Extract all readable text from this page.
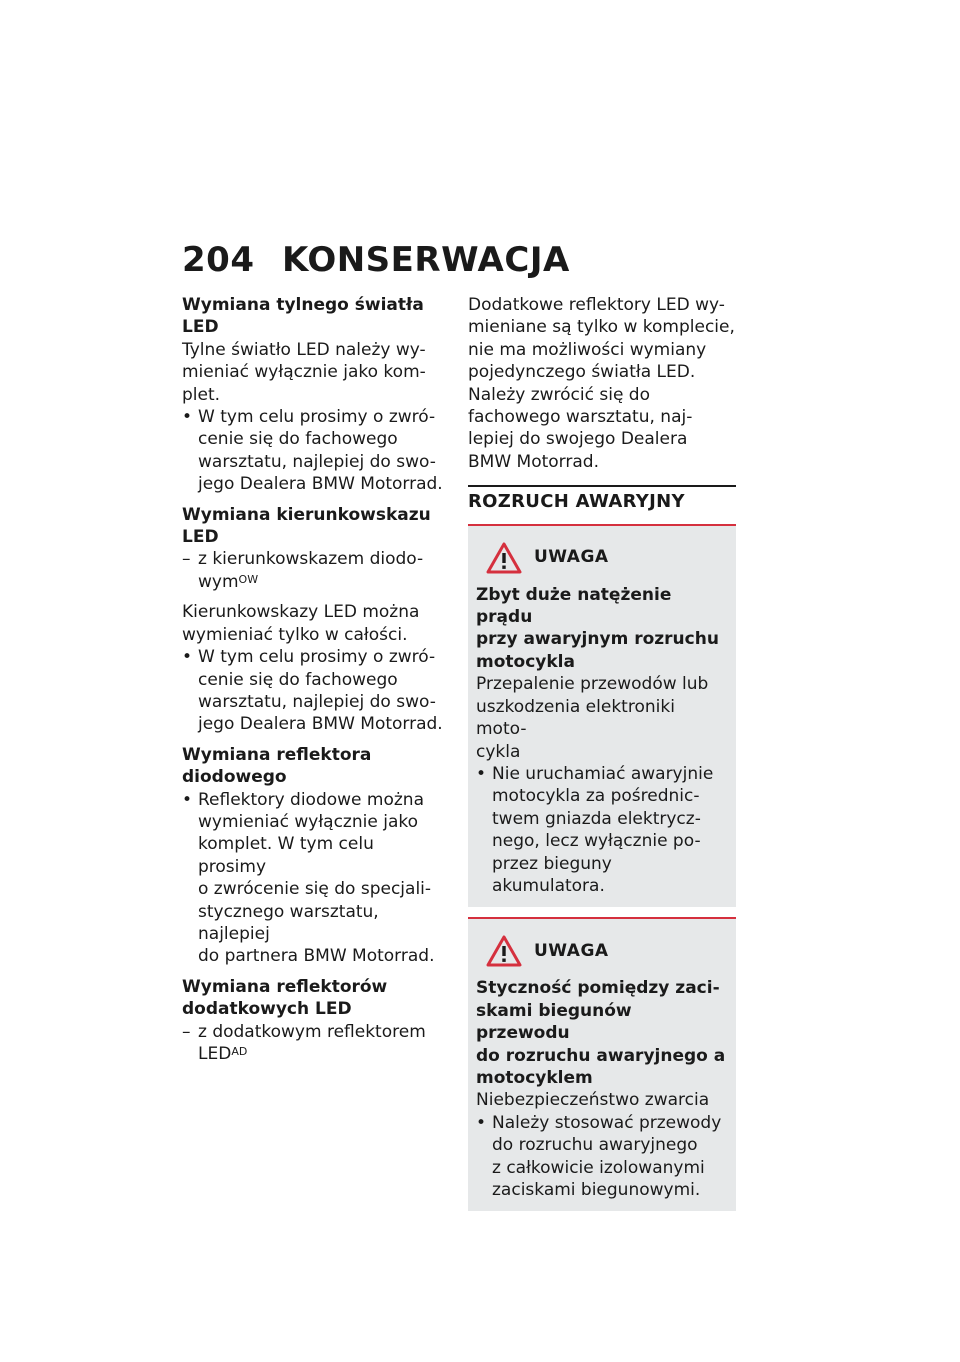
204 KONSERWACJA

Wymiana tylnego światła LED

Tylne światło LED należy wy-
mieniać wyłącznie jako kom-
plet.

• W tym celu prosimy o zwró-
cenie się do fachowego
warsztatu, najlepiej do swo-
jego Dealera BMW Motorrad.

Wymiana kierunkowskazu
LED

– z kierunkowskazem diodo-
wym$^{OW}$

Kierunkowskazy LED można
wymieniać tylko w całości.

• W tym celu prosimy o zwró-
cenie się do fachowego
warsztatu, najlepiej do swo-
jego Dealera BMW Motorrad.

Wymiana reflektora
diodowego

• Reflektory diodowe można
wymieniać wyłącznie jako
komplet. W tym celu prosimy
o zwrócenie się do specjali-
stycznego warsztatu, najlepiej
do partnera BMW Motorrad.

Wymiana reflektorów
dodatkowych LED

– z dodatkowym reflektorem
$LED^{AD}$

Dodatkowe reflektory LED wy-
mieniane są tylko w komplecie,
nie ma możliwości wymiany
pojedynczego światła LED.
Należy zwrócić się do
fachowego warsztatu, naj-
lepiej do swojego Dealera
BMW Motorrad.

ROZRUCH AWARYJNY

UWAGA

Zbyt duże natężenie prądu
przy awaryjnym rozruchu
motocykla

Przepalenie przewodów lub
uszkodzenia elektroniki moto-
cykla

• Nie uruchamiać awaryjnie
motocykla za pośrednic-
twem gniazda elektrycz-
nego, lecz wyłącznie po-
przez bieguny akumulatora.

UWAGA

Styczność pomiędzy zaci-
skami biegunów przewodu
do rozruchu awaryjnego a
motocyklem

Niebezpieczeństwo zwarcia

• Należy stosować przewody
do rozruchu awaryjnego
z całkowicie izolowanymi
zaciskami biegunowymi.
